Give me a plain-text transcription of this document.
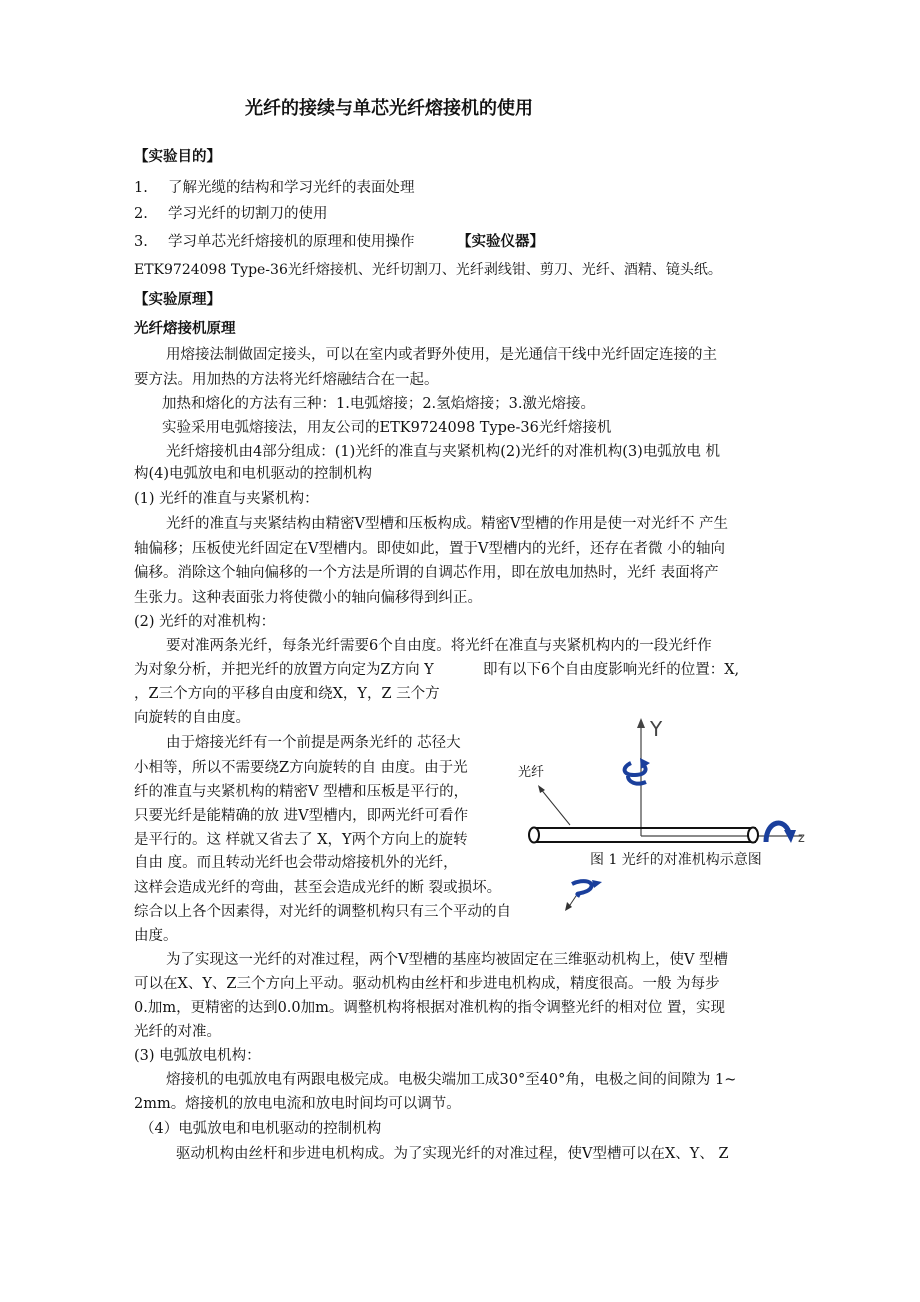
光纤的接续与单芯光纤熔接机的使用
【实验目的】
1. 了解光缆的结构和学习光纤的表面处理
2. 学习光纤的切割刀的使用
3. 学习单芯光纤熔接机的原理和使用操作	【实验仪器】
ETK9724098 Type-36光纤熔接机、光纤切割刀、光纤剥线钳、剪刀、光纤、酒精、镜头纸。
【实验原理】
光纤熔接机原理
用熔接法制做固定接头，可以在室内或者野外使用，是光通信干线中光纤固定连接的主
要方法。用加热的方法将光纤熔融结合在一起。
加热和熔化的方法有三种：1.电弧熔接；2.氢焰熔接；3.激光熔接。
实验采用电弧熔接法，用友公司的ETK9724098 Type-36光纤熔接机
光纤熔接机由4部分组成：(1)光纤的准直与夹紧机构(2)光纤的对准机构(3)电弧放电 机
构(4)电弧放电和电机驱动的控制机构
(1) 光纤的准直与夹紧机构：
光纤的准直与夹紧结构由精密V型槽和压板构成。精密V型槽的作用是使一对光纤不 产生
轴偏移；压板使光纤固定在V型槽内。即使如此，置于V型槽内的光纤，还存在者微 小的轴向
偏移。消除这个轴向偏移的一个方法是所谓的自调芯作用，即在放电加热时，光纤 表面将产
生张力。这种表面张力将使微小的轴向偏移得到纠正。
(2) 光纤的对准机构：
要对准两条光纤，每条光纤需要6个自由度。将光纤在准直与夹紧机构内的一段光纤作
为对象分析，并把光纤的放置方向定为Z方向 Y	即有以下6个自由度影响光纤的位置：X,
，Z三个方向的平移自由度和绕X，Y，Z 三个方
向旋转的自由度。
由于熔接光纤有一个前提是两条光纤的 芯径大
小相等，所以不需要绕Z方向旋转的自 由度。由于光
纤的准直与夹紧机构的精密V 型槽和压板是平行的，
只要光纤是能精确的放 进V型槽内，即两光纤可看作
是平行的。这 样就又省去了 X，Y两个方向上的旋转
自由 度。而且转动光纤也会带动熔接机外的光纤，
这样会造成光纤的弯曲，甚至会造成光纤的断 裂或损坏。
综合以上各个因素得，对光纤的调整机构只有三个平动的自
由度。
为了实现这一光纤的对准过程，两个V型槽的基座均被固定在三维驱动机构上，使V 型槽
可以在X、Y、Z三个方向上平动。驱动机构由丝杆和步进电机构成，精度很高。一般 为每步
0.加m，更精密的达到0.0加m。调整机构将根据对准机构的指令调整光纤的相对位 置，实现
光纤的对准。
(3) 电弧放电机构：
熔接机的电弧放电有两跟电极完成。电极尖端加工成30°至40°角，电极之间的间隙为 1~
2mm。熔接机的放电电流和放电时间均可以调节。
（4）电弧放电和电机驱动的控制机构
驱动机构由丝杆和步进电机构成。为了实现光纤的对准过程，使V型槽可以在X、Y、 Z
Y
z
光纤
图 1 光纤的对准机构示意图
